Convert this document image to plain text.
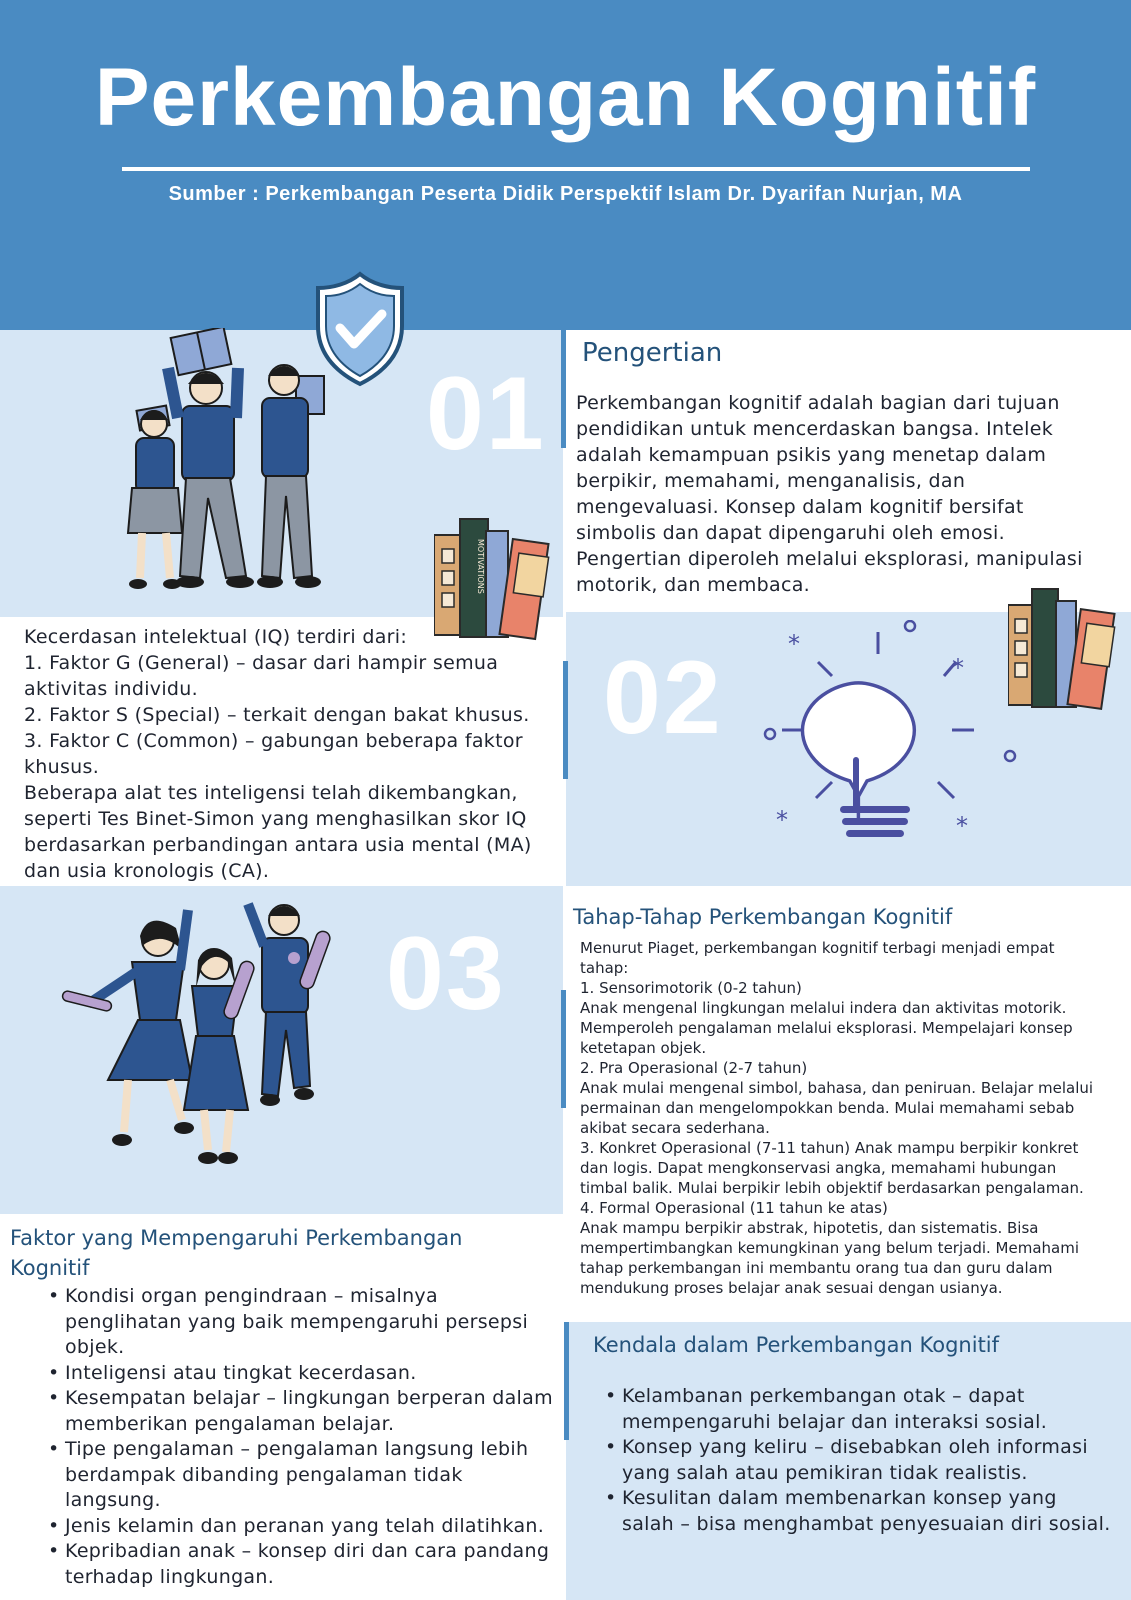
Perkembangan Kognitif
Sumber : Perkembangan Peserta Didik Perspektif Islam Dr. Dyarifan Nurjan, MA
01
MOTIVATIONS
Pengertian
Perkembangan kognitif adalah bagian dari tujuan
pendidikan untuk mencerdaskan bangsa. Intelek
adalah kemampuan psikis yang menetap dalam
berpikir, memahami, menganalisis, dan
mengevaluasi. Konsep dalam kognitif bersifat
simbolis dan dapat dipengaruhi oleh emosi.
Pengertian diperoleh melalui eksplorasi, manipulasi
motorik, dan membaca.
Kecerdasan intelektual (IQ) terdiri dari:
1. Faktor G (General) – dasar dari hampir semua
aktivitas individu.
2. Faktor S (Special) – terkait dengan bakat khusus.
3. Faktor C (Common) – gabungan beberapa faktor
khusus.
Beberapa alat tes inteligensi telah dikembangkan,
seperti Tes Binet-Simon yang menghasilkan skor IQ
berdasarkan perbandingan antara usia mental (MA)
dan usia kronologis (CA).
02	*
*
*	*
03	Tahap-Tahap Perkembangan Kognitif
Menurut Piaget, perkembangan kognitif terbagi menjadi empat
tahap:
1. Sensorimotorik (0-2 tahun)
Anak mengenal lingkungan melalui indera dan aktivitas motorik.
Memperoleh pengalaman melalui eksplorasi. Mempelajari konsep
ketetapan objek.
2. Pra Operasional (2-7 tahun)
Anak mulai mengenal simbol, bahasa, dan peniruan. Belajar melalui
permainan dan mengelompokkan benda. Mulai memahami sebab
akibat secara sederhana.
3. Konkret Operasional (7-11 tahun) Anak mampu berpikir konkret
dan logis. Dapat mengkonservasi angka, memahami hubungan
timbal balik. Mulai berpikir lebih objektif berdasarkan pengalaman.
4. Formal Operasional (11 tahun ke atas)
Anak mampu berpikir abstrak, hipotetis, dan sistematis. Bisa
mempertimbangkan kemungkinan yang belum terjadi. Memahami
tahap perkembangan ini membantu orang tua dan guru dalam
mendukung proses belajar anak sesuai dengan usianya.
Faktor yang Mempengaruhi Perkembangan
Kognitif
• Kondisi organ pengindraan – misalnya
penglihatan yang baik mempengaruhi persepsi
objek.
• Inteligensi atau tingkat kecerdasan.
• Kesempatan belajar – lingkungan berperan dalam
memberikan pengalaman belajar.
• Tipe pengalaman – pengalaman langsung lebih
berdampak dibanding pengalaman tidak
langsung.
• Jenis kelamin dan peranan yang telah dilatihkan.
• Kepribadian anak – konsep diri dan cara pandang
terhadap lingkungan.
Kendala dalam Perkembangan Kognitif
• Kelambanan perkembangan otak – dapat
mempengaruhi belajar dan interaksi sosial.
• Konsep yang keliru – disebabkan oleh informasi
yang salah atau pemikiran tidak realistis.
• Kesulitan dalam membenarkan konsep yang
salah – bisa menghambat penyesuaian diri sosial.
